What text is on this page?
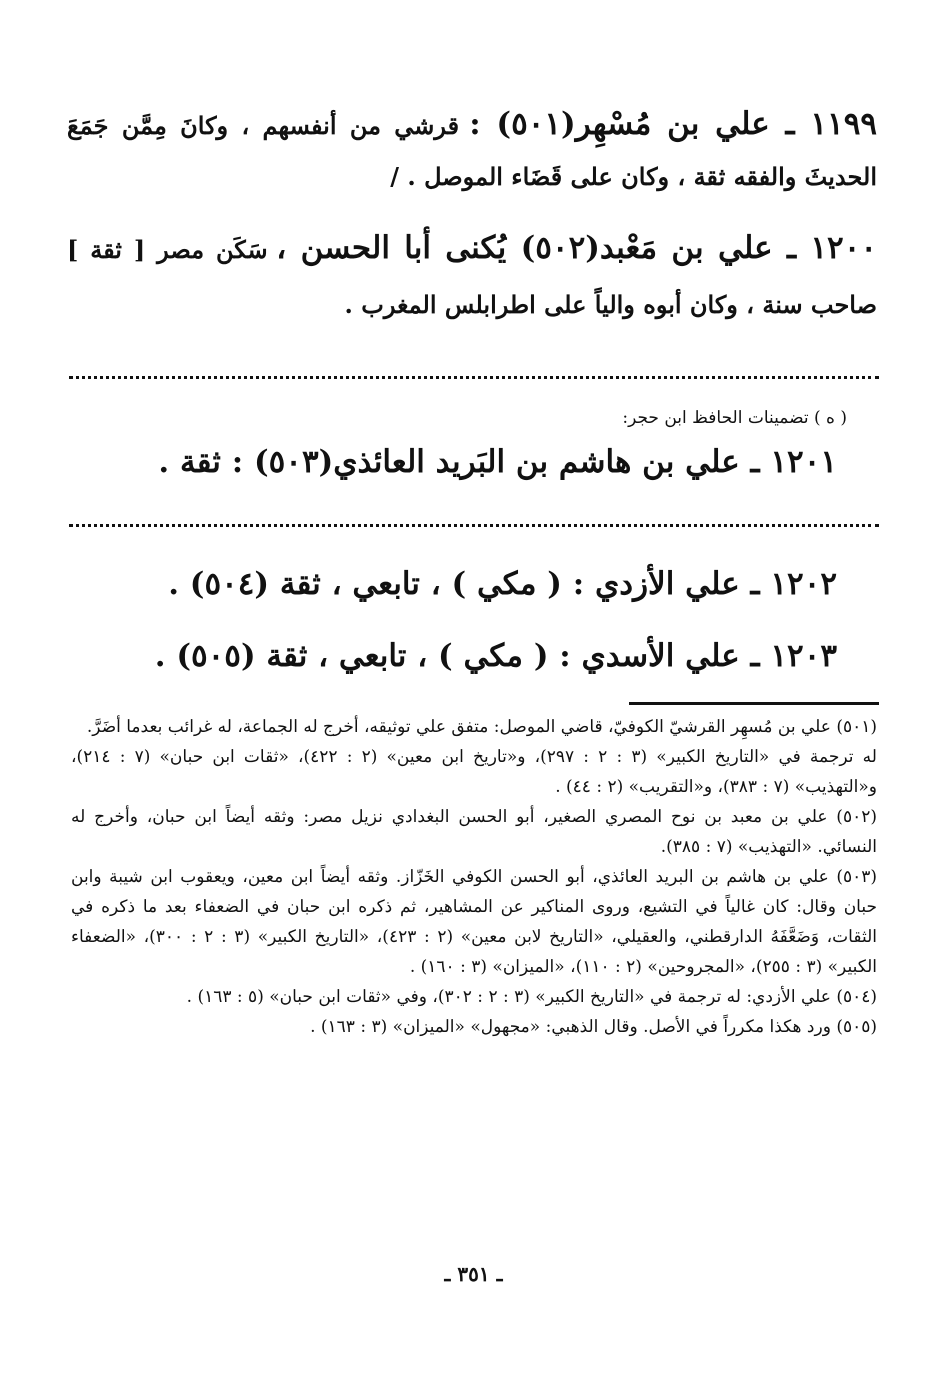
١١٩٩ ـ علي بن مُسْهِر(٥٠١) : قرشي من أنفسهم ، وكانَ مِمَّن جَمَعَ الحديثَ والفقه ثقة ، وكان على قَضَاء الموصل . /

١٢٠٠ ـ علي بن مَعْبد(٥٠٢) يُكنى أبا الحسن ، سَكَن مصر [ ثقة ] صاحب سنة ، وكان أبوه والياً على اطرابلس المغرب .

( ه ) تضمينات الحافظ ابن حجر:
١٢٠١ ـ علي بن هاشم بن البَريد العائذي(٥٠٣) : ثقة .
١٢٠٢ ـ علي الأزدي : ( مكي ) ، تابعي ، ثقة (٥٠٤) .
١٢٠٣ ـ علي الأسدي : ( مكي ) ، تابعي ، ثقة (٥٠٥) .

(٥٠١) علي بن مُسهِر القرشيّ الكوفيّ، قاضي الموصل: متفق علي توثيقه، أخرج له الجماعة، له غرائب بعدما أضَرَّ.

له ترجمة في «التاريخ الكبير» (٣ : ٢ : ٢٩٧)، و«تاريخ ابن معين» (٢ : ٤٢٢)، «ثقات ابن حبان» (٧ : ٢١٤)، و«التهذيب» (٧ : ٣٨٣)، و«التقريب» (٢ : ٤٤) .

(٥٠٢) علي بن معبد بن نوح المصري الصغير، أبو الحسن البغدادي نزيل مصر: وثقه أيضاً ابن حبان، وأخرج له النسائي. «التهذيب» (٧ : ٣٨٥).

(٥٠٣) علي بن هاشم بن البريد العائذي، أبو الحسن الكوفي الخَزّاز. وثقه أيضاً ابن معين، ويعقوب ابن شيبة وابن حبان وقال: كان غالياً في التشيع، وروى المناكير عن المشاهير، ثم ذكره ابن حبان في الضعفاء بعد ما ذكره في الثقات، وَضَعَّفَهُ الدارقطني، والعقيلي، «التاريخ لابن معين» (٢ : ٤٢٣)، «التاريخ الكبير» (٣ : ٢ : ٣٠٠)، «الضعفاء الكبير» (٣ : ٢٥٥)، «المجروحين» (٢ : ١١٠)، «الميزان» (٣ : ١٦٠) .

(٥٠٤) علي الأزدي: له ترجمة في «التاريخ الكبير» (٣ : ٢ : ٣٠٢)، وفي «ثقات ابن حبان» (٥ : ١٦٣) .

(٥٠٥) ورد هكذا مكرراً في الأصل. وقال الذهبي: «مجهول» «الميزان» (٣ : ١٦٣) .

ـ ٣٥١ ـ
